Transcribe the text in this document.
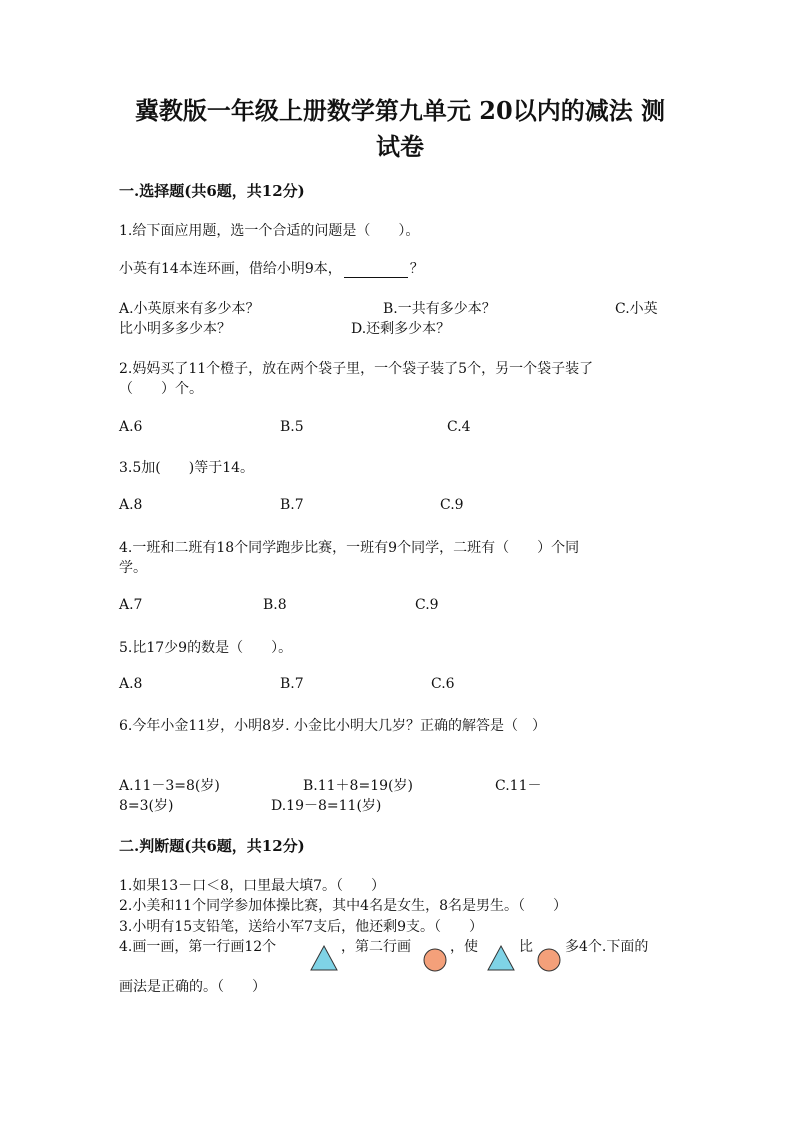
冀教版一年级上册数学第九单元 20以内的减法 测
试卷
一.选择题(共6题，共12分)
1.给下面应用题，选一个合适的问题是（　　）。
小英有14本连环画，借给小明9本，	？
A.小英原来有多少本？	B.一共有多少本？	C.小英
比小明多多少本？	D.还剩多少本？
2.妈妈买了11个橙子，放在两个袋子里，一个袋子装了5个，另一个袋子装了
（　　）个。
A.6	B.5	C.4
3.5加(　　)等于14。
A.8	B.7	C.9
4.一班和二班有18个同学跑步比赛，一班有9个同学，二班有（　　）个同
学。
A.7	B.8	C.9
5.比17少9的数是（　　）。
A.8	B.7	C.6
6.今年小金11岁，小明8岁. 小金比小明大几岁？正确的解答是（　）
A.11－3=8(岁)	B.11＋8=19(岁)	C.11－
8=3(岁)	D.19－8=11(岁)
二.判断题(共6题，共12分)
1.如果13－口＜8，口里最大填7。（　　）
2.小美和11个同学参加体操比赛，其中4名是女生，8名是男生。（　　）
3.小明有15支铅笔，送给小军7支后，他还剩9支。（　　）
4.画一画，第一行画12个	，第二行画	，使	比 多4个.下面的
画法是正确的。（　　）
